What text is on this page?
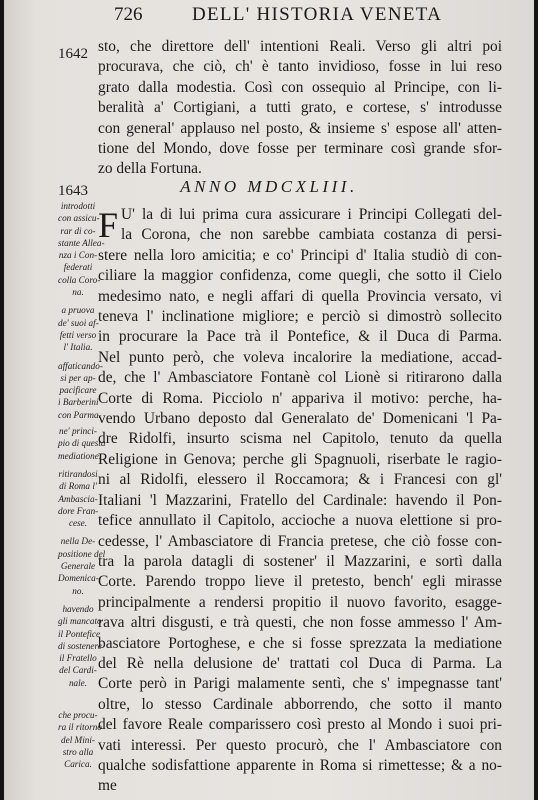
726	DELL' HISTORIA VENETA
1642 sto, che direttore dell' intentioni Reali. Verso gli altri poi
procurava, che ciò, ch' è tanto invidioso, fosse in lui reso
grato dalla modestia. Così con ossequio al Principe, con li-
beralità a' Cortigiani, a tutti grato, e cortese, s' introdusse
con general' applauso nel posto, & insieme s' espose all' atten-
tione del Mondo, dove fosse per terminare così grande sfor-
zo della Fortuna.
ANNO MDCXLIII.
1643
F U' la di lui prima cura assicurare i Principi Collegati del-
la Corona, che non sarebbe cambiata costanza di persi-
stere nella loro amicitia; e co' Principi d' Italia studiò di con-
ciliare la maggior confidenza, come quegli, che sotto il Cielo
medesimo nato, e negli affari di quella Provincia versato, vi
teneva l' inclinatione migliore; e perciò si dimostrò sollecito
in procurare la Pace trà il Pontefice, & il Duca di Parma.
Nel punto però, che voleva incalorire la mediatione, accad-
de, che l' Ambasciatore Fontanè col Lionè si ritirarono dalla
Corte di Roma. Picciolo n' appariva il motivo: perche, ha-
vendo Urbano deposto dal Generalato de' Domenicani 'l Pa-
dre Ridolfi, insurto scisma nel Capitolo, tenuto da quella
Religione in Genova; perche gli Spagnuoli, riserbate le ragio-
ni al Ridolfi, elessero il Roccamora; & i Francesi con gl'
Italiani 'l Mazzarini, Fratello del Cardinale: havendo il Pon-
tefice annullato il Capitolo, accioche a nuova elettione si pro-
cedesse, l' Ambasciatore di Francia pretese, che ciò fosse con-
tra la parola datagli di sostener' il Mazzarini, e sortì dalla
Corte. Parendo troppo lieve il pretesto, bench' egli mirasse
principalmente a rendersi propitio il nuovo favorito, esagge-
rava altri disgusti, e trà questi, che non fosse ammesso l' Am-
basciatore Portoghese, e che si fosse sprezzata la mediatione
del Rè nella delusione de' trattati col Duca di Parma. La
Corte però in Parigi malamente sentì, che s' impegnasse tant'
oltre, lo stesso Cardinale abborrendo, che sotto il manto
del favore Reale comparissero così presto al Mondo i suoi pri-
vati interessi. Per questo procurò, che l' Ambasciatore con
qualche sodisfattione apparente in Roma si rimettesse; & a no-
me
introdotti
con assicu-
rar di co-
stante Allea-
nza i Con-
federati
colla Coro-
na.
a pruova
de' suoi af-
fetti verso
l' Italia.
affaticando-
si per ap-
pacificare
i Barberini
con Parma.
ne' princi-
pio di questa
mediatione.
ritirandosi
di Roma l'
Ambascia-
dore Fran-
cese.
nella De-
positione del
Generale
Domenica-
no.
havendo
gli mancato
il Pontefice
di sostenere
il Fratello
del Cardi-
nale.
che procu-
ra il ritorno
del Mini-
stro alla
Carica.
